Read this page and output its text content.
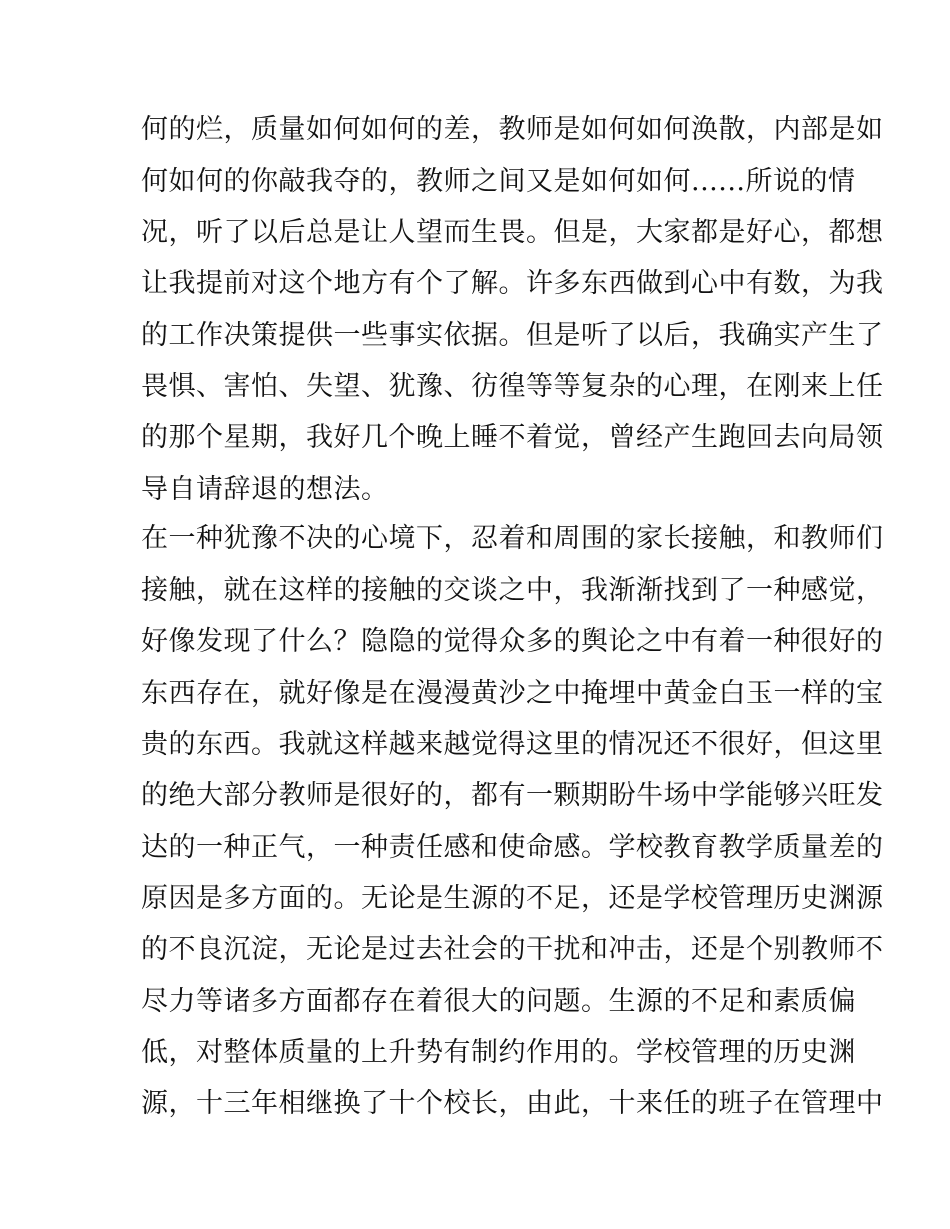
何的烂，质量如何如何的差，教师是如何如何涣散，内部是如
何如何的你敲我夺的，教师之间又是如何如何......所说的情
况，听了以后总是让人望而生畏。但是，大家都是好心，都想
让我提前对这个地方有个了解。许多东西做到心中有数，为我
的工作决策提供一些事实依据。但是听了以后，我确实产生了
畏惧、害怕、失望、犹豫、彷徨等等复杂的心理，在刚来上任
的那个星期，我好几个晚上睡不着觉，曾经产生跑回去向局领
导自请辞退的想法。
在一种犹豫不决的心境下，忍着和周围的家长接触，和教师们
接触，就在这样的接触的交谈之中，我渐渐找到了一种感觉，
好像发现了什么？隐隐的觉得众多的舆论之中有着一种很好的
东西存在，就好像是在漫漫黄沙之中掩埋中黄金白玉一样的宝
贵的东西。我就这样越来越觉得这里的情况还不很好，但这里
的绝大部分教师是很好的，都有一颗期盼牛场中学能够兴旺发
达的一种正气，一种责任感和使命感。学校教育教学质量差的
原因是多方面的。无论是生源的不足，还是学校管理历史渊源
的不良沉淀，无论是过去社会的干扰和冲击，还是个别教师不
尽力等诸多方面都存在着很大的问题。生源的不足和素质偏
低，对整体质量的上升势有制约作用的。学校管理的历史渊
源，十三年相继换了十个校长，由此，十来任的班子在管理中
